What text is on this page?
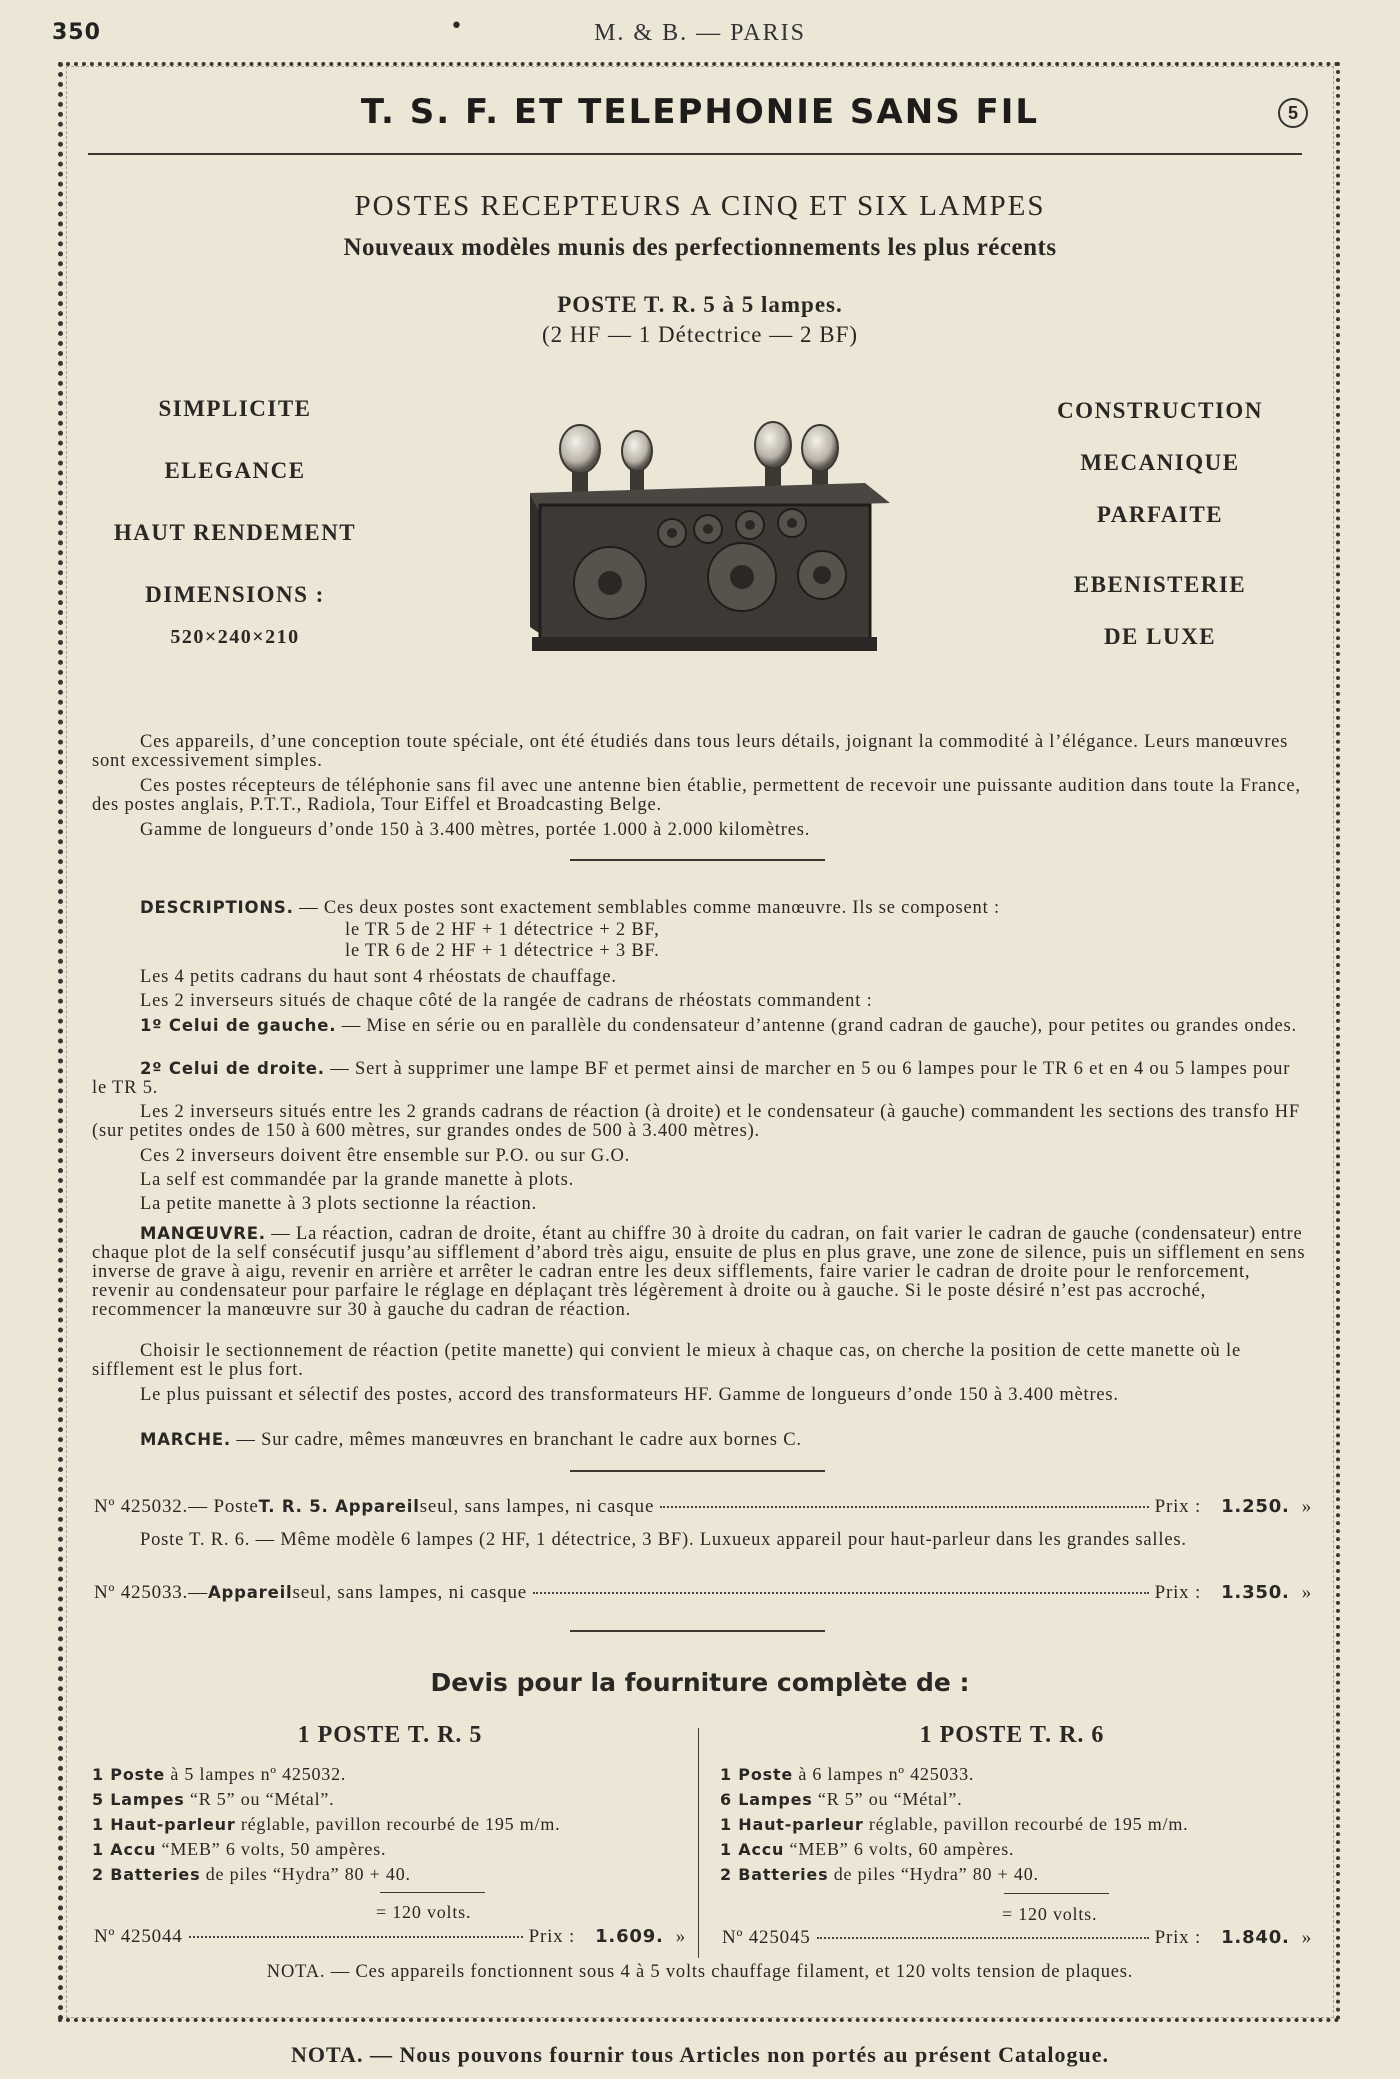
350	•	M. & B. — PARIS
T. S. F. ET TELEPHONIE SANS FIL	5
POSTES RECEPTEURS A CINQ ET SIX LAMPES
Nouveaux modèles munis des perfectionnements les plus récents
POSTE T. R. 5 à 5 lampes.
(2 HF — 1 Détectrice — 2 BF)
SIMPLICITE
ELEGANCE
HAUT RENDEMENT
DIMENSIONS :
520×240×210
CONSTRUCTION
MECANIQUE
PARFAITE
EBENISTERIE
DE LUXE
Ces appareils, d’une conception toute spéciale, ont été étudiés dans tous leurs détails, joignant la commodité à l’élégance. Leurs manœuvres sont excessivement simples.
Ces postes récepteurs de téléphonie sans fil avec une antenne bien établie, permettent de recevoir une puissante audition dans toute la France, des postes anglais, P.T.T., Radiola, Tour Eiffel et Broadcasting Belge.
Gamme de longueurs d’onde 150 à 3.400 mètres, portée 1.000 à 2.000 kilomètres.
DESCRIPTIONS. — Ces deux postes sont exactement semblables comme manœuvre. Ils se composent :
le TR 5 de 2 HF + 1 détectrice + 2 BF,
le TR 6 de 2 HF + 1 détectrice + 3 BF.
Les 4 petits cadrans du haut sont 4 rhéostats de chauffage.
Les 2 inverseurs situés de chaque côté de la rangée de cadrans de rhéostats commandent :
1º Celui de gauche. — Mise en série ou en parallèle du condensateur d’antenne (grand cadran de gauche), pour petites ou grandes ondes.
2º Celui de droite. — Sert à supprimer une lampe BF et permet ainsi de marcher en 5 ou 6 lampes pour le TR 6 et en 4 ou 5 lampes pour le TR 5.
Les 2 inverseurs situés entre les 2 grands cadrans de réaction (à droite) et le condensateur (à gauche) commandent les sections des transfo HF (sur petites ondes de 150 à 600 mètres, sur grandes ondes de 500 à 3.400 mètres).
Ces 2 inverseurs doivent être ensemble sur P.O. ou sur G.O.
La self est commandée par la grande manette à plots.
La petite manette à 3 plots sectionne la réaction.
MANŒUVRE. — La réaction, cadran de droite, étant au chiffre 30 à droite du cadran, on fait varier le cadran de gauche (condensateur) entre chaque plot de la self consécutif jusqu’au sifflement d’abord très aigu, ensuite de plus en plus grave, une zone de silence, puis un sifflement en sens inverse de grave à aigu, revenir en arrière et arrêter le cadran entre les deux sifflements, faire varier le cadran de droite pour le renforcement, revenir au condensateur pour parfaire le réglage en déplaçant très légèrement à droite ou à gauche. Si le poste désiré n’est pas accroché, recommencer la manœuvre sur 30 à gauche du cadran de réaction.
Choisir le sectionnement de réaction (petite manette) qui convient le mieux à chaque cas, on cherche la position de cette manette où le sifflement est le plus fort.
Le plus puissant et sélectif des postes, accord des transformateurs HF. Gamme de longueurs d’onde 150 à 3.400 mètres.
MARCHE. — Sur cadre, mêmes manœuvres en branchant le cadre aux bornes C.
Nº 425032. — Poste T. R. 5. Appareil seul, sans lampes, ni casque	Prix : 1.250. »
Poste T. R. 6. — Même modèle 6 lampes (2 HF, 1 détectrice, 3 BF). Luxueux appareil pour haut-parleur dans les grandes salles.
Nº 425033. — Appareil seul, sans lampes, ni casque	Prix : 1.350. »
Devis pour la fourniture complète de :
1 POSTE T. R. 5
1 Poste à 5 lampes nº 425032.
5 Lampes “R 5” ou “Métal”.
1 Haut-parleur réglable, pavillon recourbé de 195 m/m.
1 Accu “MEB” 6 volts, 50 ampères.
2 Batteries de piles “Hydra” 80 + 40.
= 120 volts.
Nº 425044	Prix : 1.609. »
1 POSTE T. R. 6
1 Poste à 6 lampes nº 425033.
6 Lampes “R 5” ou “Métal”.
1 Haut-parleur réglable, pavillon recourbé de 195 m/m.
1 Accu “MEB” 6 volts, 60 ampères.
2 Batteries de piles “Hydra” 80 + 40.
= 120 volts.
Nº 425045	Prix : 1.840. »
NOTA. — Ces appareils fonctionnent sous 4 à 5 volts chauffage filament, et 120 volts tension de plaques.
NOTA. — Nous pouvons fournir tous Articles non portés au présent Catalogue.
